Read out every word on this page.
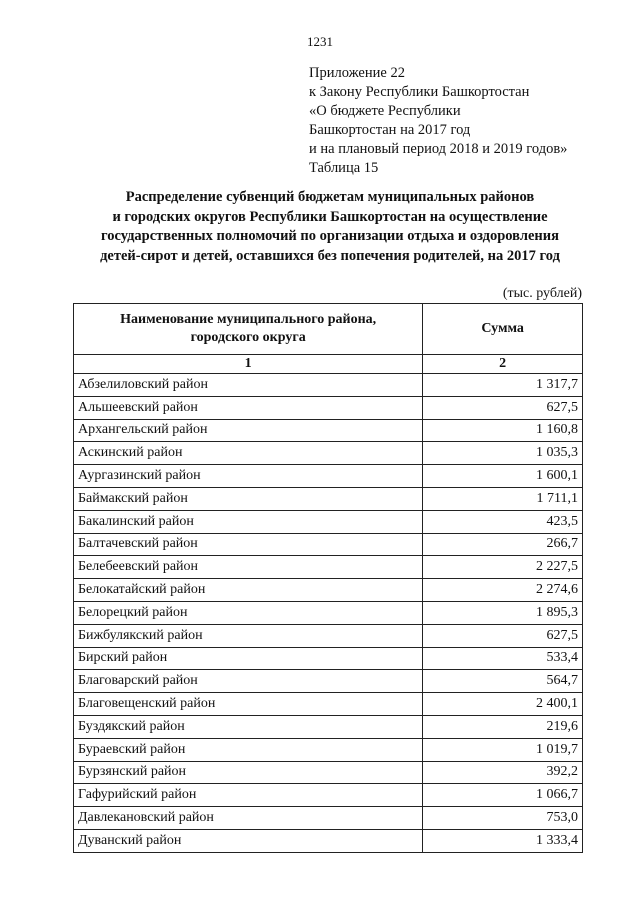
1231
Приложение 22
к Закону Республики Башкортостан
«О бюджете Республики
Башкортостан на 2017 год
и на плановый период 2018 и 2019 годов»
Таблица 15
Распределение субвенций бюджетам муниципальных районов
и городских округов Республики Башкортостан на осуществление
государственных полномочий по организации отдыха и оздоровления
детей-сирот и детей, оставшихся без попечения родителей, на 2017 год
(тыс. рублей)
Наименование муниципального района,
городского округа	Сумма
1	2
Абзелиловский район	1 317,7
Альшеевский район	627,5
Архангельский район	1 160,8
Аскинский район	1 035,3
Аургазинский район	1 600,1
Баймакский район	1 711,1
Бакалинский район	423,5
Балтачевский район	266,7
Белебеевский район	2 227,5
Белокатайский район	2 274,6
Белорецкий район	1 895,3
Бижбулякский район	627,5
Бирский район	533,4
Благоварский район	564,7
Благовещенский район	2 400,1
Буздякский район	219,6
Бураевский район	1 019,7
Бурзянский район	392,2
Гафурийский район	1 066,7
Давлекановский район	753,0
Дуванский район	1 333,4
